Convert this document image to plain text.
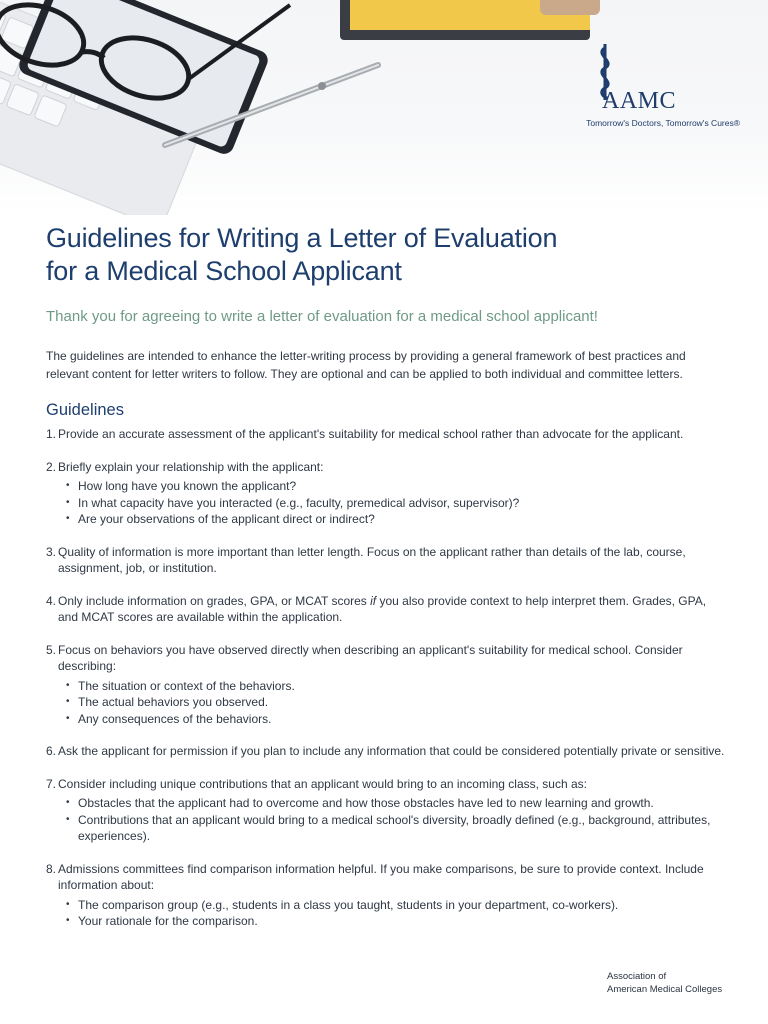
AAMC
Tomorrow's Doctors, Tomorrow's Cures®
Guidelines for Writing a Letter of Evaluation
for a Medical School Applicant
Thank you for agreeing to write a letter of evaluation for a medical school applicant!
The guidelines are intended to enhance the letter-writing process by providing a general framework of best practices and relevant content for letter writers to follow. They are optional and can be applied to both individual and committee letters.
Guidelines
1. Provide an accurate assessment of the applicant's suitability for medical school rather than advocate for the applicant.
2. Briefly explain your relationship with the applicant:
• How long have you known the applicant?
• In what capacity have you interacted (e.g., faculty, premedical advisor, supervisor)?
• Are your observations of the applicant direct or indirect?
3. Quality of information is more important than letter length. Focus on the applicant rather than details of the lab, course, assignment, job, or institution.
4. Only include information on grades, GPA, or MCAT scores if you also provide context to help interpret them. Grades, GPA, and MCAT scores are available within the application.
5. Focus on behaviors you have observed directly when describing an applicant's suitability for medical school. Consider describing:
• The situation or context of the behaviors.
• The actual behaviors you observed.
• Any consequences of the behaviors.
6. Ask the applicant for permission if you plan to include any information that could be considered potentially private or sensitive.
7. Consider including unique contributions that an applicant would bring to an incoming class, such as:
• Obstacles that the applicant had to overcome and how those obstacles have led to new learning and growth.
• Contributions that an applicant would bring to a medical school's diversity, broadly defined (e.g., background, attributes, experiences).
8. Admissions committees find comparison information helpful. If you make comparisons, be sure to provide context. Include information about:
• The comparison group (e.g., students in a class you taught, students in your department, co-workers).
• Your rationale for the comparison.
Association of
American Medical Colleges
